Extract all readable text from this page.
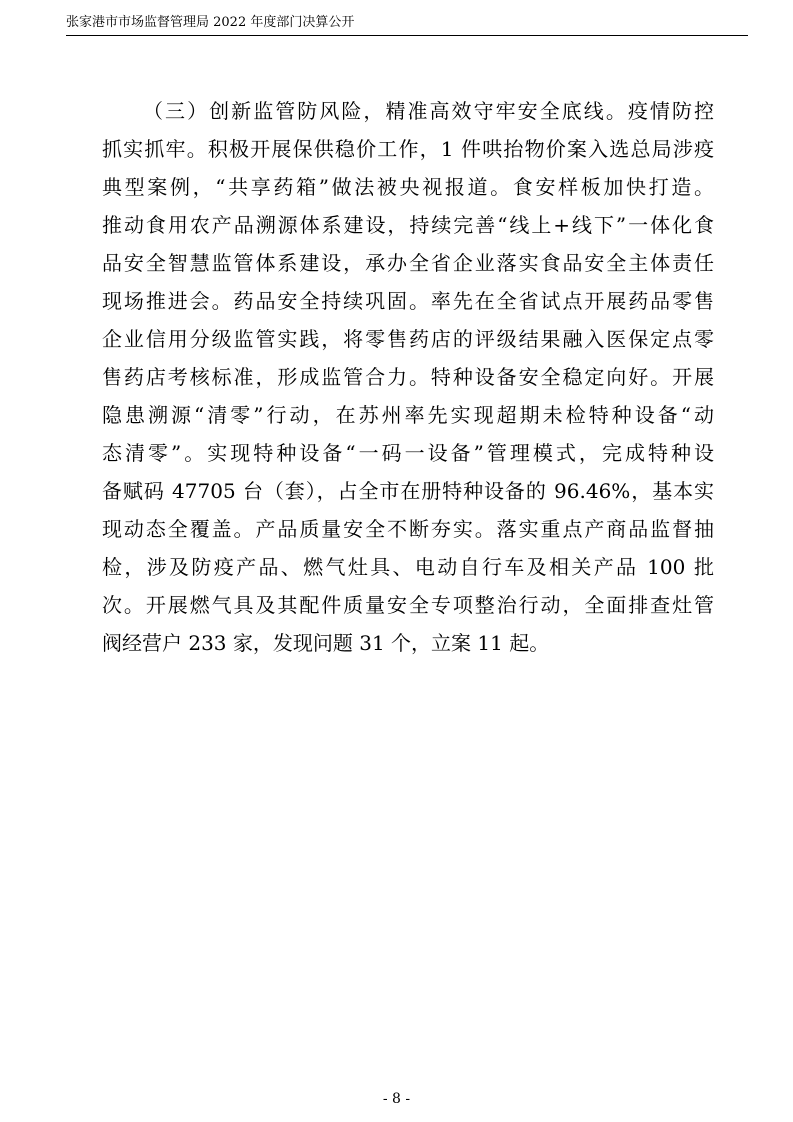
张家港市市场监督管理局 2022 年度部门决算公开
（三）创新监管防风险，精准高效守牢安全底线。疫情防控
抓实抓牢。积极开展保供稳价工作，1 件哄抬物价案入选总局涉疫
典型案例，“共享药箱”做法被央视报道。食安样板加快打造。
推动食用农产品溯源体系建设，持续完善“线上+线下”一体化食
品安全智慧监管体系建设，承办全省企业落实食品安全主体责任
现场推进会。药品安全持续巩固。率先在全省试点开展药品零售
企业信用分级监管实践，将零售药店的评级结果融入医保定点零
售药店考核标准，形成监管合力。特种设备安全稳定向好。开展
隐患溯源“清零”行动，在苏州率先实现超期未检特种设备“动
态清零”。实现特种设备“一码一设备”管理模式，完成特种设
备赋码 47705 台（套），占全市在册特种设备的 96.46%，基本实
现动态全覆盖。产品质量安全不断夯实。落实重点产商品监督抽
检，涉及防疫产品、燃气灶具、电动自行车及相关产品 100 批
次。开展燃气具及其配件质量安全专项整治行动，全面排查灶管
阀经营户 233 家，发现问题 31 个，立案 11 起。
- 8 -
